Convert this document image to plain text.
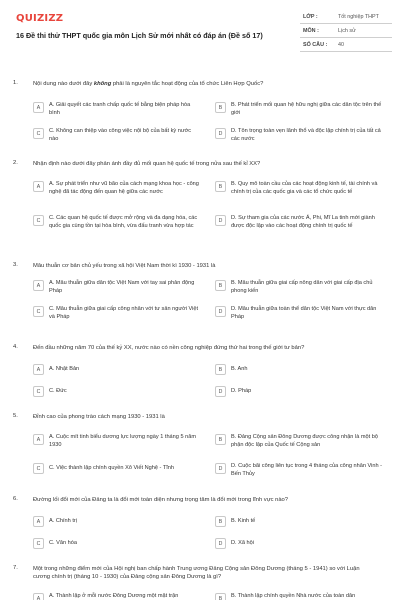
QUIZIZZ
16 Đề thi thử THPT quốc gia môn Lịch Sử mới nhất có đáp án (Đề số 17)
LỚP :	Tốt nghiệp THPT
MÔN :	Lịch sử
SỐ CÂU : 40
1.	Nội dung nào dưới đây không phải là nguyên tắc hoạt động của tổ chức Liên Hợp Quốc?
A	A. Giải quyết các tranh chấp quốc tế bằng biện pháp hòa bình
B	B. Phát triển mối quan hệ hữu nghị giữa các dân tộc trên thế giới
C	C. Không can thiệp vào công việc nội bộ của bất kỳ nước nào
D	D. Tôn trọng toàn vẹn lãnh thổ và độc lập chính trị của tất cả các nước
2.	Nhận định nào dưới đây phản ánh đầy đủ mối quan hệ quốc tế trong nửa sau thế kỉ XX?
A	A. Sự phát triển như vũ bão của cách mạng khoa học - công nghệ đã tác động đến quan hệ giữa các nước
B	B. Quy mô toàn cầu của các hoạt động kinh tế, tài chính và chính trị của các quốc gia và các tổ chức quốc tế
C	C. Các quan hệ quốc tế được mở rộng và đa dạng hóa, các quốc gia cùng tồn tại hòa bình, vừa đấu tranh vừa hợp tác
D	D. Sự tham gia của các nước Á, Phi, Mĩ La tinh mới giành được độc lập vào các hoạt động chính trị quốc tế
3.	Mâu thuẫn cơ bản chủ yếu trong xã hội Việt Nam thời kì 1930 - 1931 là
A	A. Mâu thuẫn giữa dân tộc Việt Nam với tay sai phản động Pháp
B	B. Mâu thuẫn giữa giai cấp nông dân với giai cấp địa chủ phong kiến
C	C. Mâu thuẫn giữa giai cấp công nhân với tư sản người Việt và Pháp
D	D. Mâu thuẫn giữa toàn thể dân tộc Việt Nam với thực dân Pháp
4.	Đến đầu những năm 70 của thế kỷ XX, nước nào có nền công nghiệp đứng thứ hai trong thế giới tư bản?
A	A. Nhật Bản	B	B. Anh
C	C. Đức	D	D. Pháp
5.	Đỉnh cao của phong trào cách mạng 1930 - 1931 là
A	A. Cuộc mít tinh biểu dương lực lượng ngày 1 tháng 5 năm 1930
B	B. Đảng Cộng sản Đông Dương được công nhận là một bộ phận độc lập của Quốc tế Cộng sản
C	C. Việc thành lập chính quyền Xô Viết Nghệ - Tĩnh	D	D. Cuộc bãi công liên tục trong 4 tháng của công nhân Vinh - Bến Thủy
6.	Đường lối đổi mới của Đảng ta là đổi mới toàn diện nhưng trọng tâm là đổi mới trong lĩnh vực nào?
A	A. Chính trị	B	B. Kinh tế
C	C. Văn hóa	D	D. Xã hội
7.	Một trong những điểm mới của Hội nghị ban chấp hành Trung ương Đảng Cộng sản Đông Dương (tháng 5 - 1941) so với Luận cương chính trị (tháng 10 - 1930) của Đảng cộng sản Đông Dương là gì?
A	A. Thành lập ở mỗi nước Đông Dương một mặt trận	B	B. Thành lập chính quyền Nhà nước của toàn dân
